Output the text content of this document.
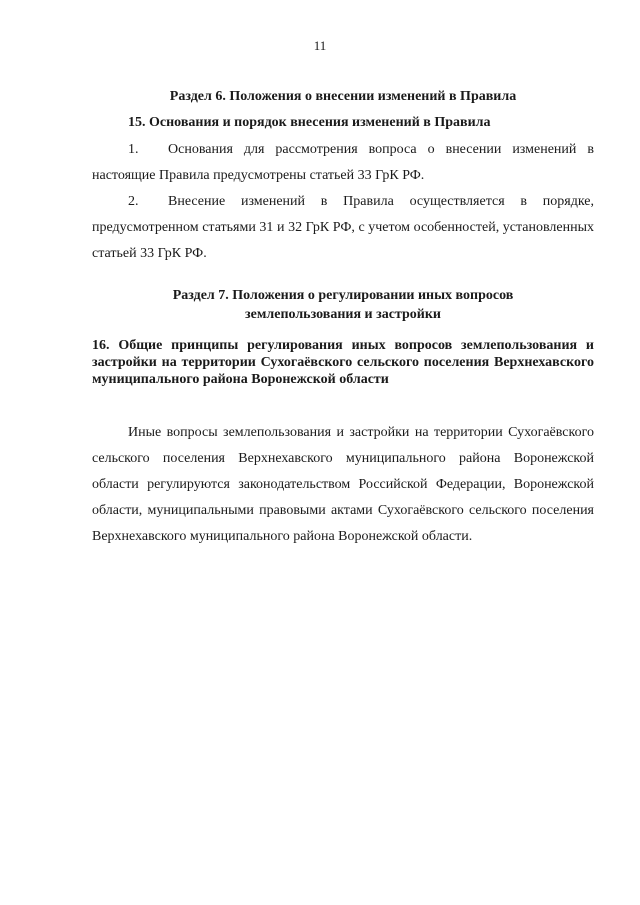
11
Раздел 6. Положения о внесении изменений в Правила
15. Основания и порядок внесения изменений в Правила
1. Основания для рассмотрения вопроса о внесении изменений в настоящие Правила предусмотрены статьей 33 ГрК РФ.
2. Внесение изменений в Правила осуществляется в порядке, предусмотренном статьями 31 и 32 ГрК РФ, с учетом особенностей, установленных статьей 33 ГрК РФ.
Раздел 7. Положения о регулировании иных вопросов
землепользования и застройки
16. Общие принципы регулирования иных вопросов землепользования и застройки на территории Сухогаёвского сельского поселения Верхнехавского муниципального района Воронежской области
Иные вопросы землепользования и застройки на территории Сухогаёвского сельского поселения Верхнехавского муниципального района Воронежской области регулируются законодательством Российской Федерации, Воронежской области, муниципальными правовыми актами Сухогаёвского сельского поселения Верхнехавского муниципального района Воронежской области.
